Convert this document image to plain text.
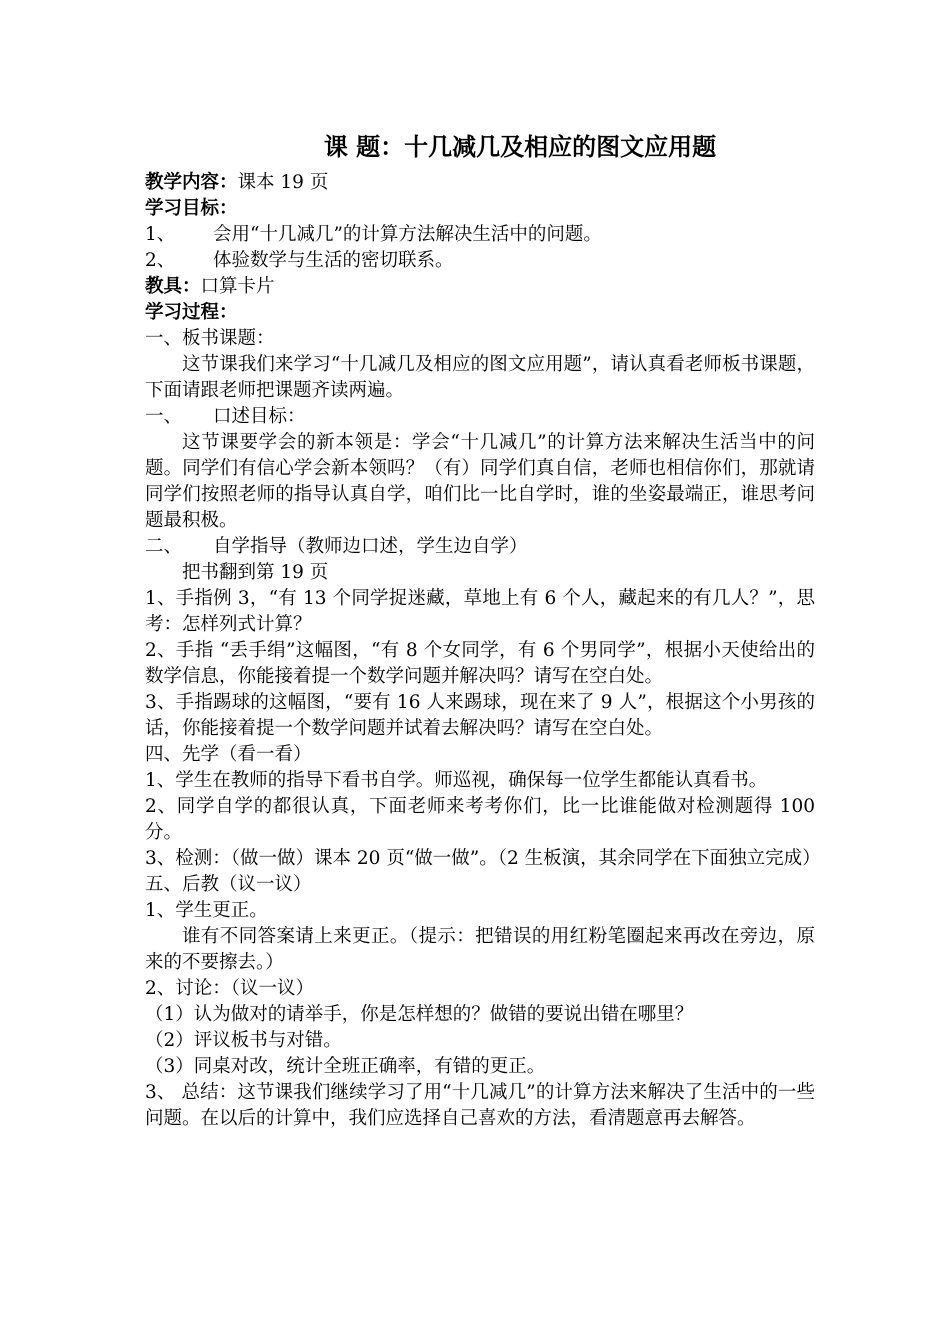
课 题：十几减几及相应的图文应用题
教学内容：课本 19 页
学习目标：
1、 会用“十几减几”的计算方法解决生活中的问题。
2、 体验数学与生活的密切联系。
教具：口算卡片
学习过程：
一、板书课题：
这节课我们来学习“十几减几及相应的图文应用题”，请认真看老师板书课题，下面请跟老师把课题齐读两遍。
一、 口述目标：
这节课要学会的新本领是：学会“十几减几”的计算方法来解决生活当中的问题。同学们有信心学会新本领吗？（有）同学们真自信，老师也相信你们，那就请同学们按照老师的指导认真自学，咱们比一比自学时，谁的坐姿最端正，谁思考问题最积极。
二、 自学指导（教师边口述，学生边自学）
把书翻到第 19 页
1、手指例 3，“有 13 个同学捉迷藏，草地上有 6 个人，藏起来的有几人？”，思考：怎样列式计算？
2、手指 “丢手绢”这幅图，“有 8 个女同学，有 6 个男同学”，根据小天使给出的数学信息，你能接着提一个数学问题并解决吗？请写在空白处。
3、手指踢球的这幅图，“要有 16 人来踢球，现在来了 9 人”，根据这个小男孩的话，你能接着提一个数学问题并试着去解决吗？请写在空白处。
四、先学（看一看）
1、学生在教师的指导下看书自学。师巡视，确保每一位学生都能认真看书。
2、同学自学的都很认真，下面老师来考考你们，比一比谁能做对检测题得 100 分。
3、检测：（做一做）课本 20 页“做一做”。（2 生板演，其余同学在下面独立完成）
五、后教（议一议）
1、学生更正。
谁有不同答案请上来更正。（提示：把错误的用红粉笔圈起来再改在旁边，原来的不要擦去。）
2、讨论：（议一议）
（1）认为做对的请举手，你是怎样想的？做错的要说出错在哪里？
（2）评议板书与对错。
（3）同桌对改，统计全班正确率，有错的更正。
3、 总结：这节课我们继续学习了用“十几减几”的计算方法来解决了生活中的一些问题。在以后的计算中，我们应选择自己喜欢的方法，看清题意再去解答。
